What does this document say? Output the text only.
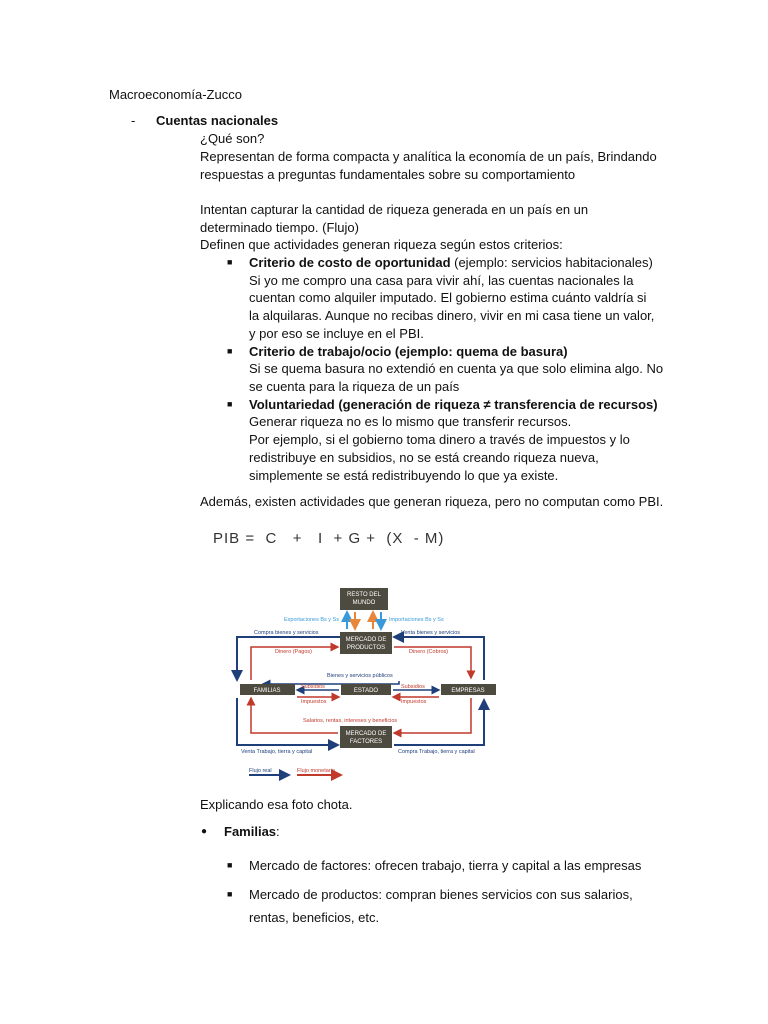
Macroeconomía-Zucco
- Cuentas nacionales
¿Qué son?
Representan de forma compacta y analítica la economía de un país, Brindando
respuestas a preguntas fundamentales sobre su comportamiento
Intentan capturar la cantidad de riqueza generada en un país en un
determinado tiempo. (Flujo)
Definen que actividades generan riqueza según estos criterios:
■ Criterio de costo de oportunidad (ejemplo: servicios habitacionales)
Si yo me compro una casa para vivir ahí, las cuentas nacionales la
cuentan como alquiler imputado. El gobierno estima cuánto valdría si
la alquilaras. Aunque no recibas dinero, vivir en mi casa tiene un valor,
y por eso se incluye en el PBI.
■ Criterio de trabajo/ocio (ejemplo: quema de basura)
Si se quema basura no extendió en cuenta ya que solo elimina algo. No
se cuenta para la riqueza de un país
■ Voluntariedad (generación de riqueza ≠ transferencia de recursos)
Generar riqueza no es lo mismo que transferir recursos.
Por ejemplo, si el gobierno toma dinero a través de impuestos y lo
redistribuye en subsidios, no se está creando riqueza nueva,
simplemente se está redistribuyendo lo que ya existe.
Además, existen actividades que generan riqueza, pero no computan como PBI.
PIB =  C   +   I  + G +  (X  - M)
RESTO DEL
MUNDO
Exportaciones Bs y Ss	Importaciones Bs y Ss
MERCADO DE
PRODUCTOS
Compra bienes y servicios	Venta bienes y servicios
Dinero (Pagos)	Dinero (Cobros)
Bienes y servicios públicos
FAMILIAS	ESTADO	EMPRESAS
Subsidios
Impuestos
Subsidios
Impuestos
Salarios, rentas, intereses y beneficios
MERCADO DE
FACTORES
Venta Trabajo, tierra y capital	Compra Trabajo, tierra y capital
Flujo real	Flujo monetario
Explicando esa foto chota.
● Familias:
■ Mercado de factores: ofrecen trabajo, tierra y capital a las empresas
■ Mercado de productos: compran bienes servicios con sus salarios,
rentas, beneficios, etc.
